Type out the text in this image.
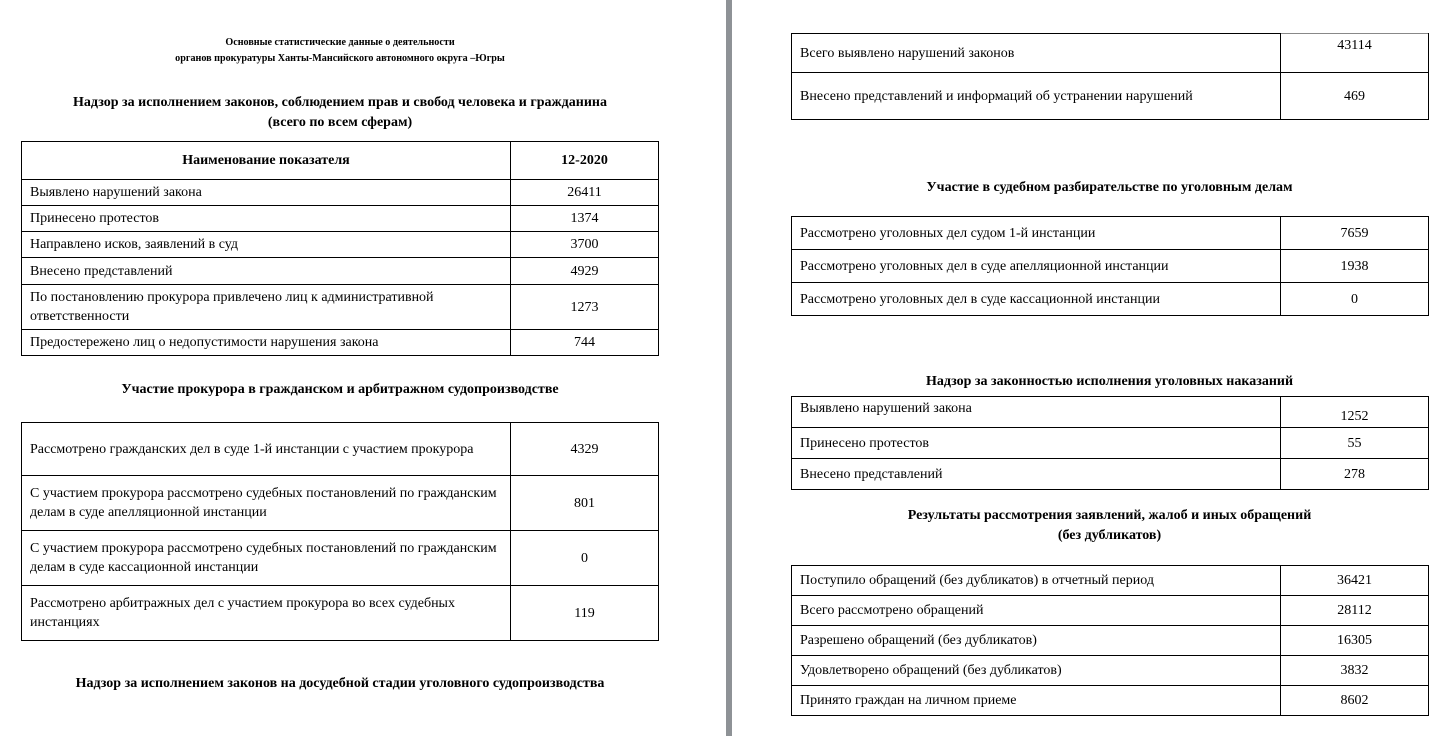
Основные статистические данные о деятельности
органов прокуратуры Ханты-Мансийского автономного округа –Югры
Надзор за исполнением законов, соблюдением прав и свобод человека и гражданина
(всего по всем сферам)
Наименование показателя	12-2020
Выявлено нарушений закона	26411
Принесено протестов	1374
Направлено исков, заявлений в суд	3700
Внесено представлений	4929
По постановлению прокурора привлечено лиц к административной ответственности	1273
Предостережено лиц о недопустимости нарушения закона	744
Участие прокурора в гражданском и арбитражном судопроизводстве
Рассмотрено гражданских дел в суде 1-й инстанции с участием прокурора	4329
С участием прокурора рассмотрено судебных постановлений по гражданским делам в суде апелляционной инстанции	801
С участием прокурора рассмотрено судебных постановлений по гражданским делам в суде кассационной инстанции	0
Рассмотрено арбитражных дел с участием прокурора во всех судебных инстанциях	119
Надзор за исполнением законов на досудебной стадии уголовного судопроизводства
Всего выявлено нарушений законов	43114
Внесено представлений и информаций об устранении нарушений	469
Участие в судебном разбирательстве по уголовным делам
Рассмотрено уголовных дел судом 1-й инстанции	7659
Рассмотрено уголовных дел в суде апелляционной инстанции	1938
Рассмотрено уголовных дел в суде кассационной инстанции	0
Надзор за законностью исполнения уголовных наказаний
Выявлено нарушений закона	1252
Принесено протестов	55
Внесено представлений	278
Результаты рассмотрения заявлений, жалоб и иных обращений
(без дубликатов)
Поступило обращений (без дубликатов) в отчетный период	36421
Всего рассмотрено обращений	28112
Разрешено обращений (без дубликатов)	16305
Удовлетворено обращений (без дубликатов)	3832
Принято граждан на личном приеме	8602
